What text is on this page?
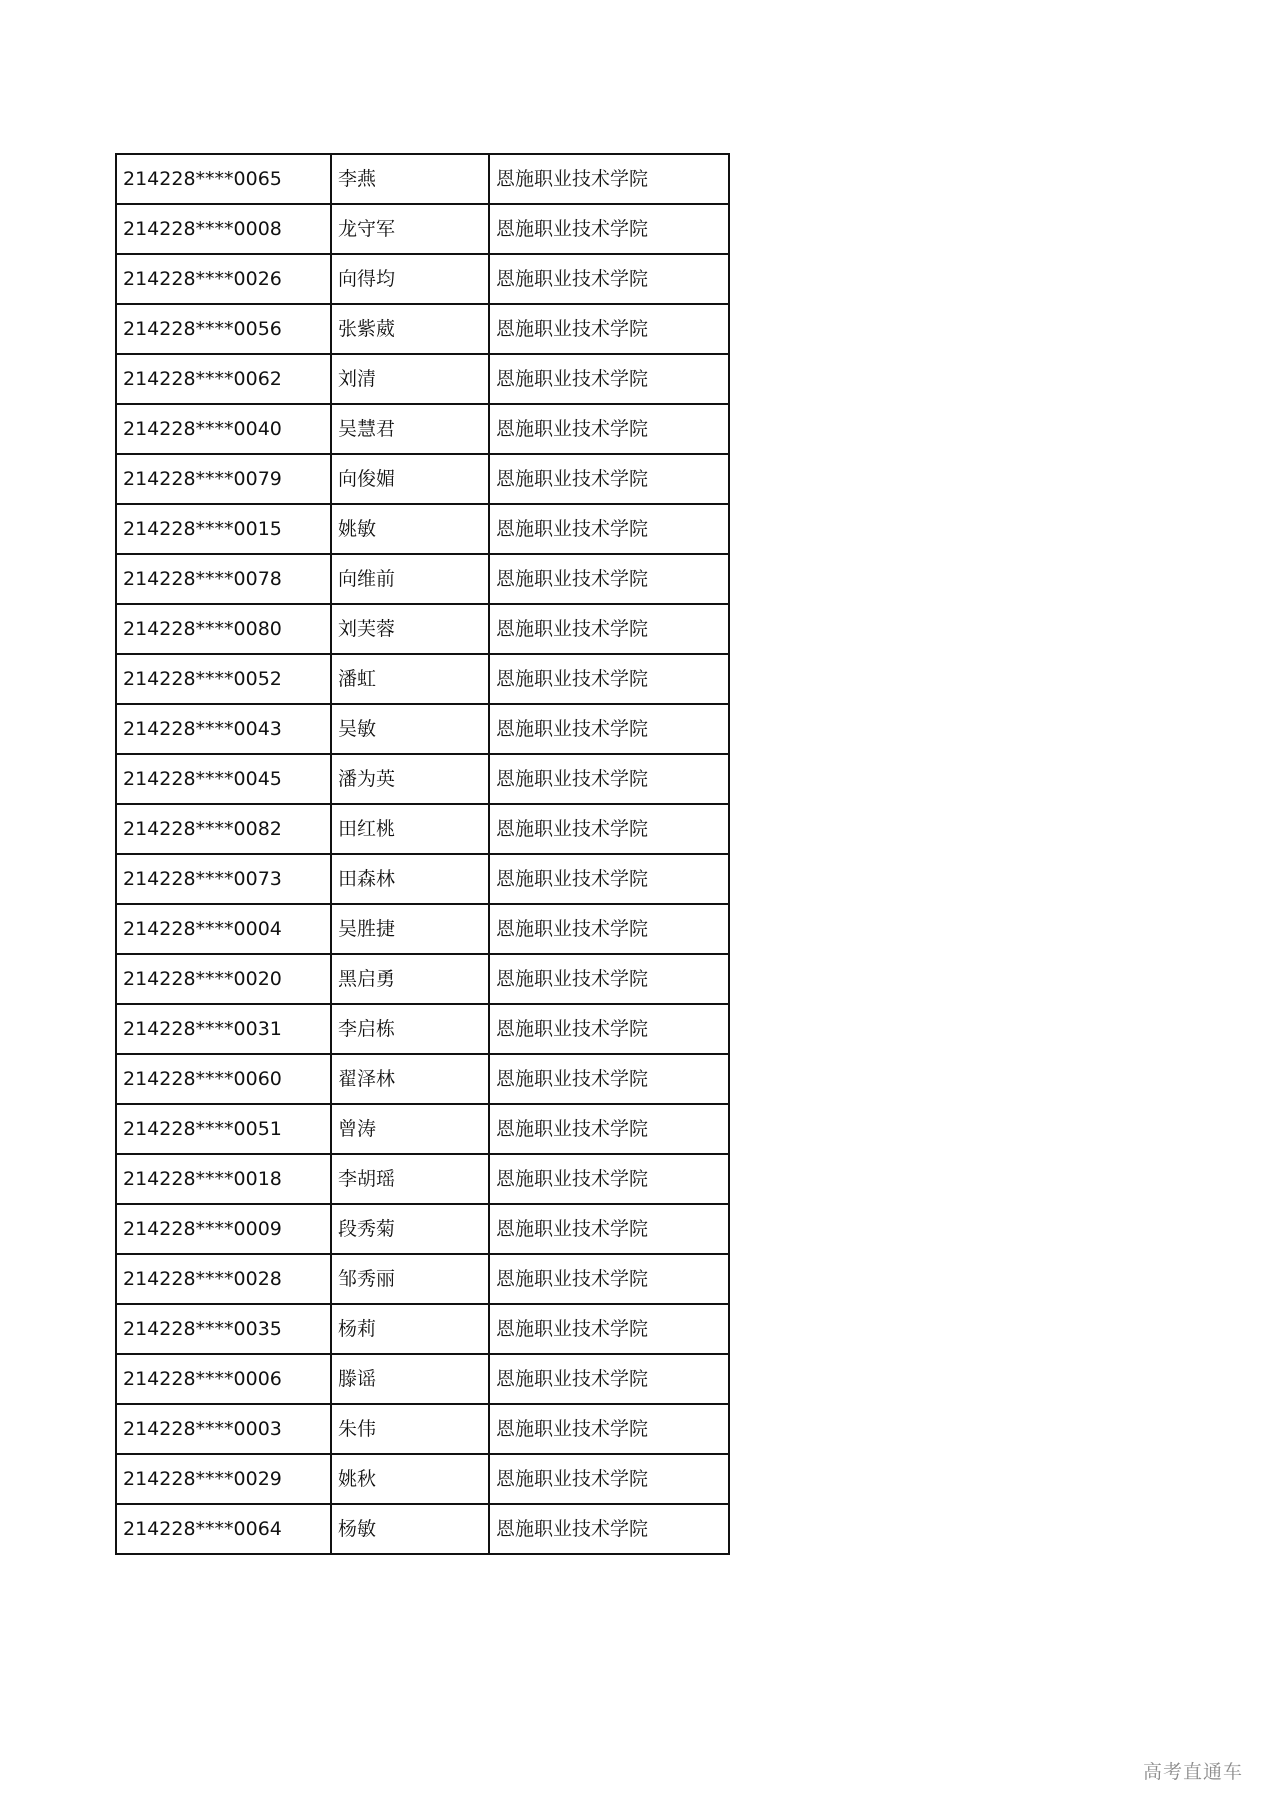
214228****0065	李燕	恩施职业技术学院
214228****0008	龙守军	恩施职业技术学院
214228****0026	向得均	恩施职业技术学院
214228****0056	张紫葳	恩施职业技术学院
214228****0062	刘清	恩施职业技术学院
214228****0040	吴慧君	恩施职业技术学院
214228****0079	向俊媚	恩施职业技术学院
214228****0015	姚敏	恩施职业技术学院
214228****0078	向维前	恩施职业技术学院
214228****0080	刘芙蓉	恩施职业技术学院
214228****0052	潘虹	恩施职业技术学院
214228****0043	吴敏	恩施职业技术学院
214228****0045	潘为英	恩施职业技术学院
214228****0082	田红桃	恩施职业技术学院
214228****0073	田森林	恩施职业技术学院
214228****0004	吴胜捷	恩施职业技术学院
214228****0020	黑启勇	恩施职业技术学院
214228****0031	李启栋	恩施职业技术学院
214228****0060	翟泽林	恩施职业技术学院
214228****0051	曾涛	恩施职业技术学院
214228****0018	李胡瑶	恩施职业技术学院
214228****0009	段秀菊	恩施职业技术学院
214228****0028	邹秀丽	恩施职业技术学院
214228****0035	杨莉	恩施职业技术学院
214228****0006	滕谣	恩施职业技术学院
214228****0003	朱伟	恩施职业技术学院
214228****0029	姚秋	恩施职业技术学院
214228****0064	杨敏	恩施职业技术学院
高考直通车
